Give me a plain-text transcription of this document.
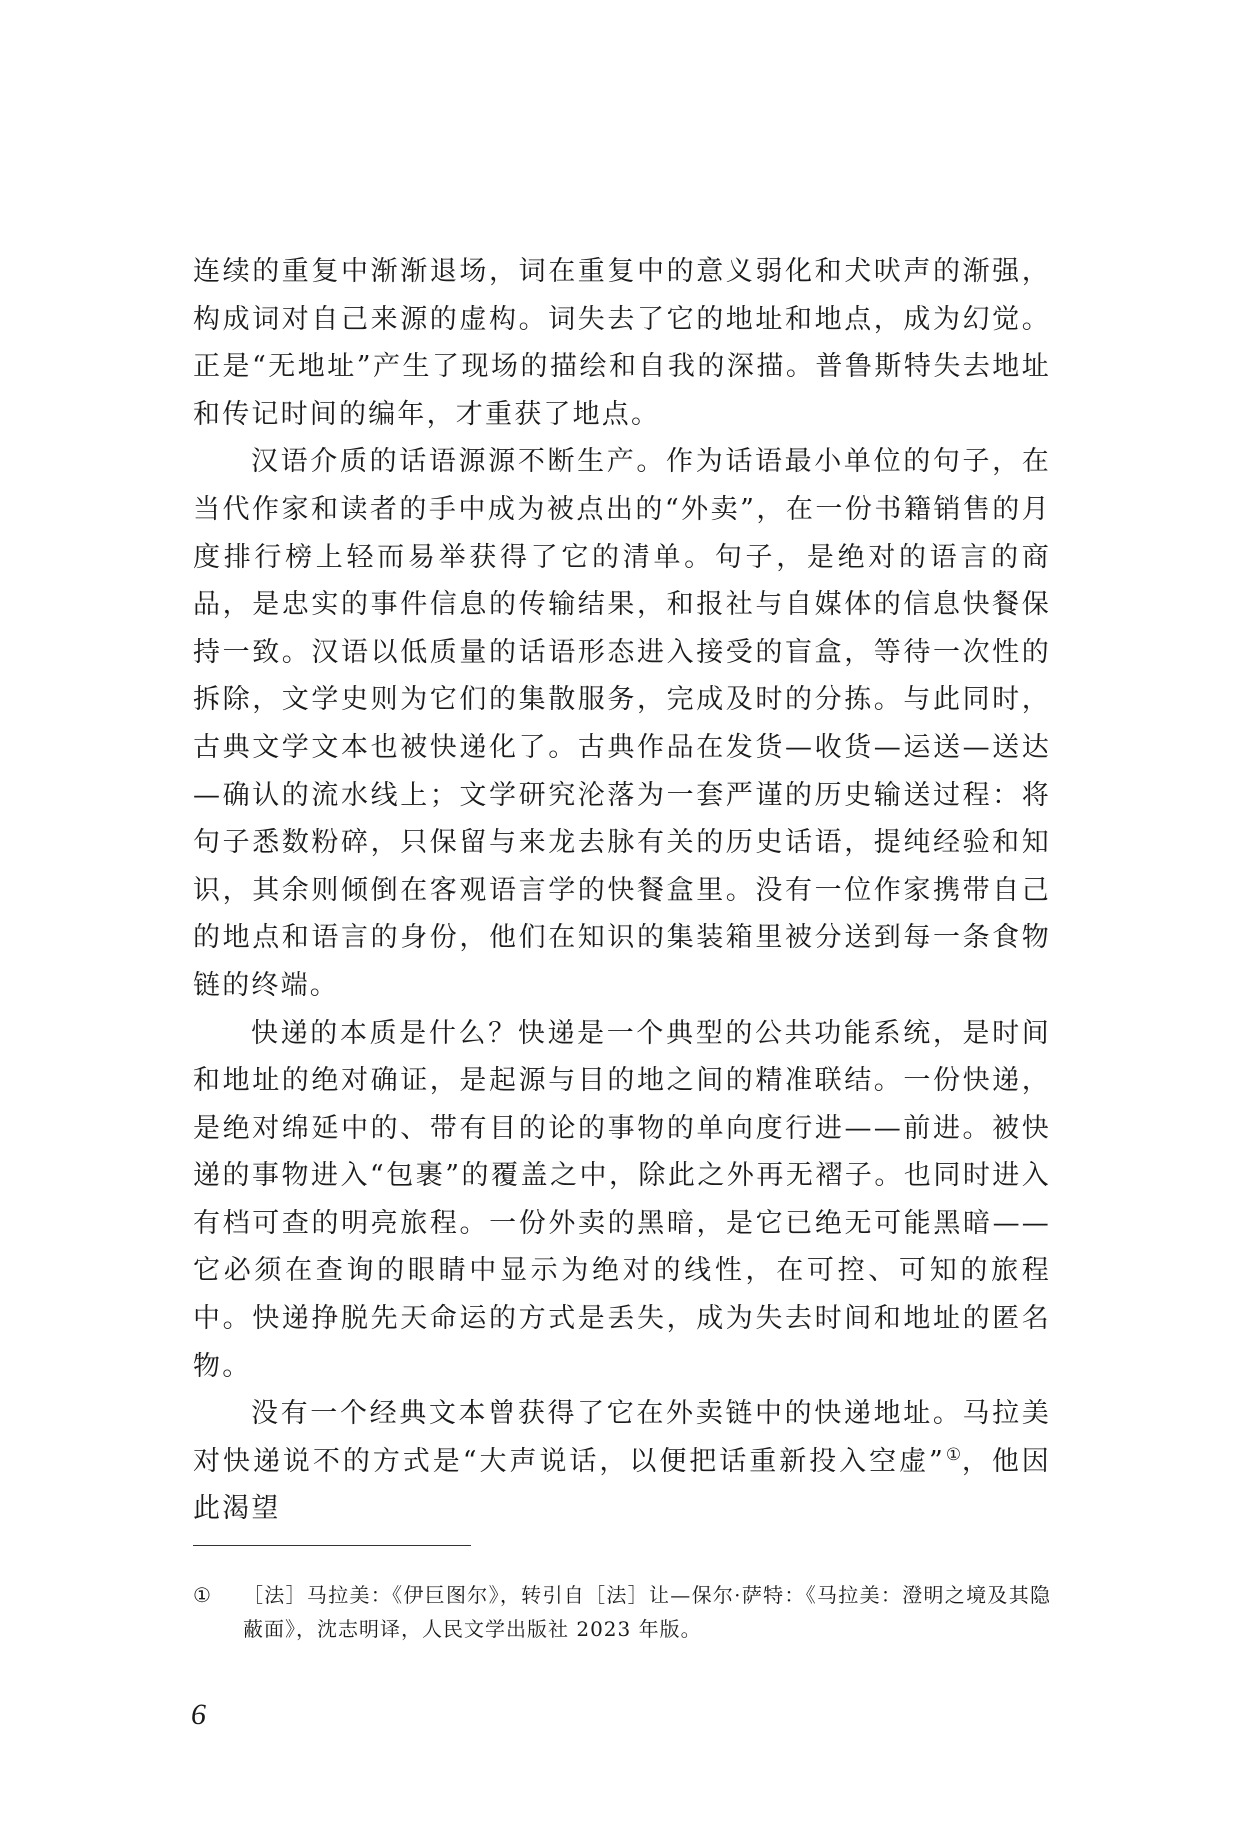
连续的重复中渐渐退场，词在重复中的意义弱化和犬吠声的渐强，构成词对自己来源的虚构。词失去了它的地址和地点，成为幻觉。正是“无地址”产生了现场的描绘和自我的深描。普鲁斯特失去地址和传记时间的编年，才重获了地点。

汉语介质的话语源源不断生产。作为话语最小单位的句子，在当代作家和读者的手中成为被点出的“外卖”，在一份书籍销售的月度排行榜上轻而易举获得了它的清单。句子，是绝对的语言的商品，是忠实的事件信息的传输结果，和报社与自媒体的信息快餐保持一致。汉语以低质量的话语形态进入接受的盲盒，等待一次性的拆除，文学史则为它们的集散服务，完成及时的分拣。与此同时，古典文学文本也被快递化了。古典作品在发货—收货—运送—送达—确认的流水线上；文学研究沦落为一套严谨的历史输送过程：将句子悉数粉碎，只保留与来龙去脉有关的历史话语，提纯经验和知识，其余则倾倒在客观语言学的快餐盒里。没有一位作家携带自己的地点和语言的身份，他们在知识的集装箱里被分送到每一条食物链的终端。

快递的本质是什么？快递是一个典型的公共功能系统，是时间和地址的绝对确证，是起源与目的地之间的精准联结。一份快递，是绝对绵延中的、带有目的论的事物的单向度行进——前进。被快递的事物进入“包裹”的覆盖之中，除此之外再无褶子。也同时进入有档可查的明亮旅程。一份外卖的黑暗，是它已绝无可能黑暗——它必须在查询的眼睛中显示为绝对的线性，在可控、可知的旅程中。快递挣脱先天命运的方式是丢失，成为失去时间和地址的匿名物。

没有一个经典文本曾获得了它在外卖链中的快递地址。马拉美对快递说不的方式是“大声说话，以便把话重新投入空虚”①，他因此渴望

① ［法］马拉美：《伊巨图尔》，转引自［法］让—保尔·萨特：《马拉美：澄明之境及其隐蔽面》，沈志明译，人民文学出版社 2023 年版。
6
